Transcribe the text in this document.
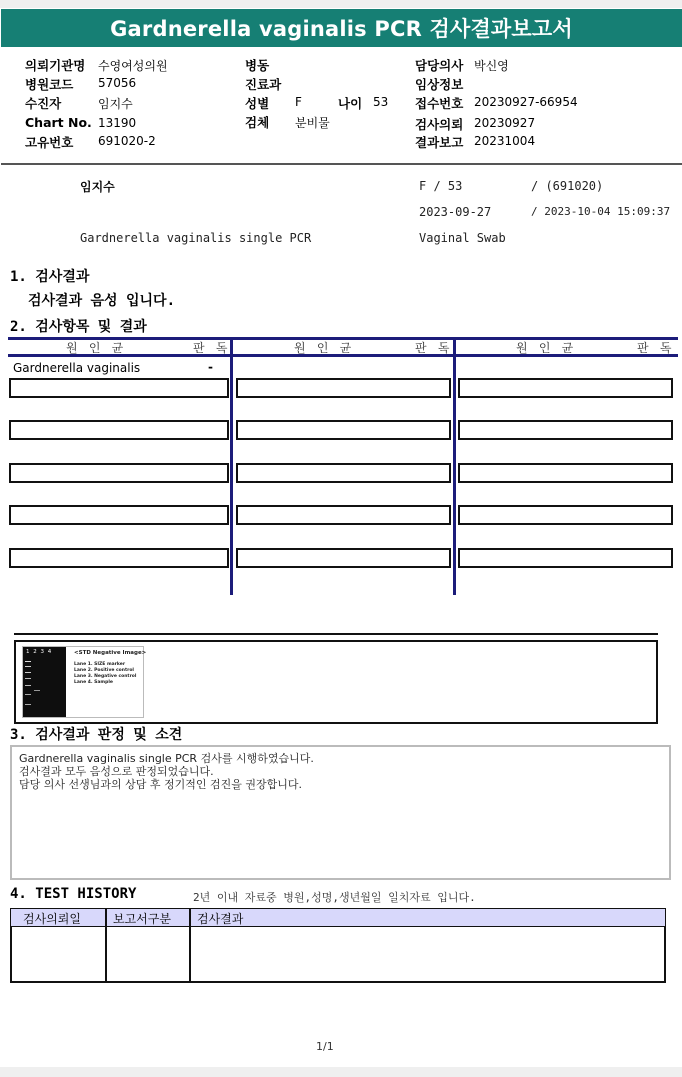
Gardnerella vaginalis PCR 검사결과보고서
의뢰기관명 수영여성의원
병원코드 57056
수진자	임지수
Chart No. 13190
고유번호 691020-2
병동
진료과
성별 F	나이 53
검체 분비물
담당의사 박신영
임상정보
접수번호 20230927-66954
검사의뢰 20230927
결과보고 20231004
임지수	F / 53	/ (691020)
2023-09-27	/ 2023-10-04 15:09:37
Gardnerella vaginalis single PCR	Vaginal Swab
1. 검사결과
검사결과 음성 입니다.
2. 검사항목 및 결과
원 인 균	판 독	원 인 균	판 독	원 인 균	판 독
Gardnerella vaginalis	-
1 2 3 4	<STD Negative Image>
Lane 1. SIZE marker
Lane 2. Positive control
Lane 3. Negative control
Lane 4. Sample
3. 검사결과 판정 및 소견
Gardnerella vaginalis single PCR 검사를 시행하였습니다.
검사결과 모두 음성으로 판정되었습니다.
담당 의사 선생님과의 상담 후 정기적인 검진을 권장합니다.
4. TEST HISTORY	2년 이내 자료중 병원,성명,생년월일 일치자료 입니다.
검사의뢰일	보고서구분 검사결과
1/1
